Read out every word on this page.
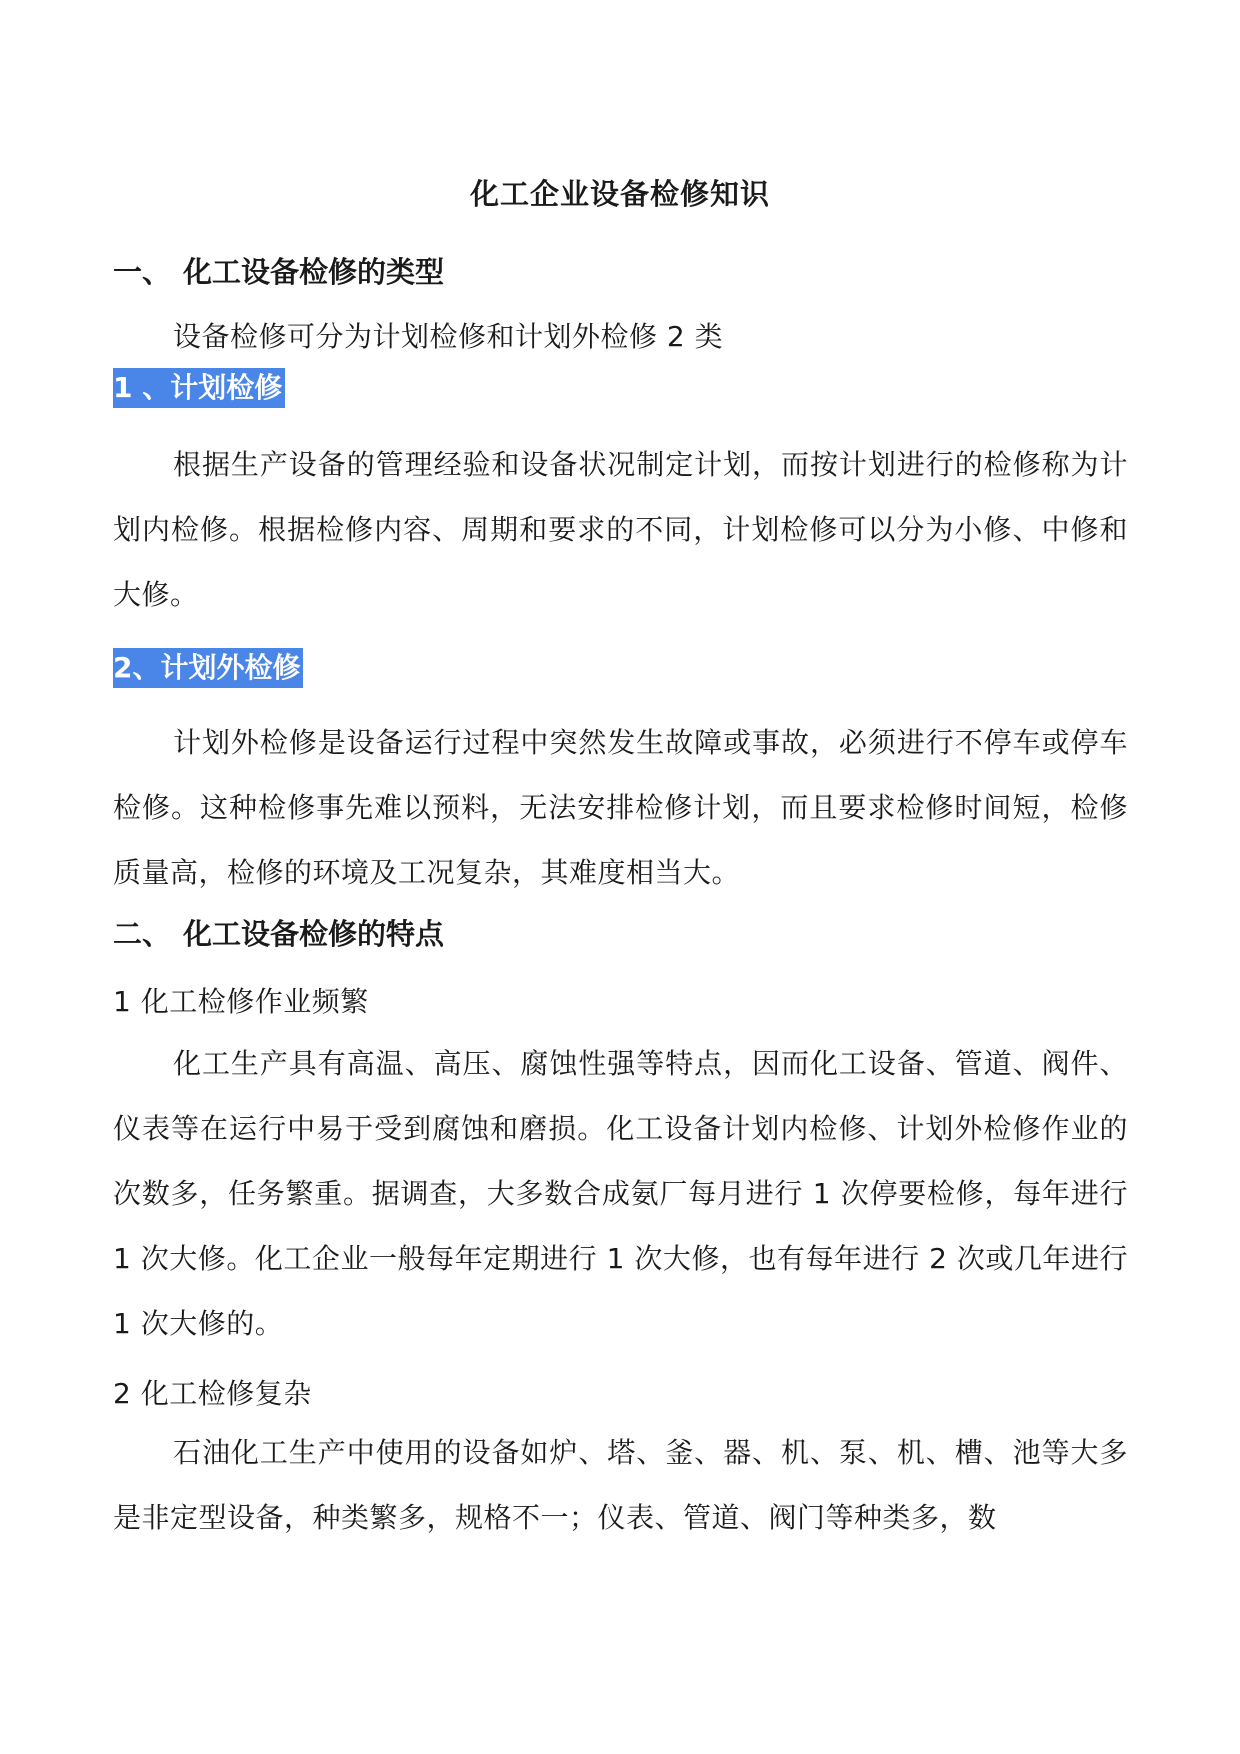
化工企业设备检修知识
一、 化工设备检修的类型
设备检修可分为计划检修和计划外检修 2 类
1 、计划检修

根据生产设备的管理经验和设备状况制定计划，而按计划进行的检修称为计划内检修。根据检修内容、周期和要求的不同，计划检修可以分为小修、中修和大修。

2、计划外检修

计划外检修是设备运行过程中突然发生故障或事故，必须进行不停车或停车检修。这种检修事先难以预料，无法安排检修计划，而且要求检修时间短，检修质量高，检修的环境及工况复杂，其难度相当大。

二、 化工设备检修的特点
1 化工检修作业频繁

化工生产具有高温、高压、腐蚀性强等特点，因而化工设备、管道、阀件、仪表等在运行中易于受到腐蚀和磨损。化工设备计划内检修、计划外检修作业的次数多，任务繁重。据调查，大多数合成氨厂每月进行 1 次停要检修，每年进行 1 次大修。化工企业一般每年定期进行 1 次大修，也有每年进行 2 次或几年进行 1 次大修的。

2 化工检修复杂

石油化工生产中使用的设备如炉、塔、釜、器、机、泵、机、槽、池等大多是非定型设备，种类繁多，规格不一；仪表、管道、阀门等种类多，数
